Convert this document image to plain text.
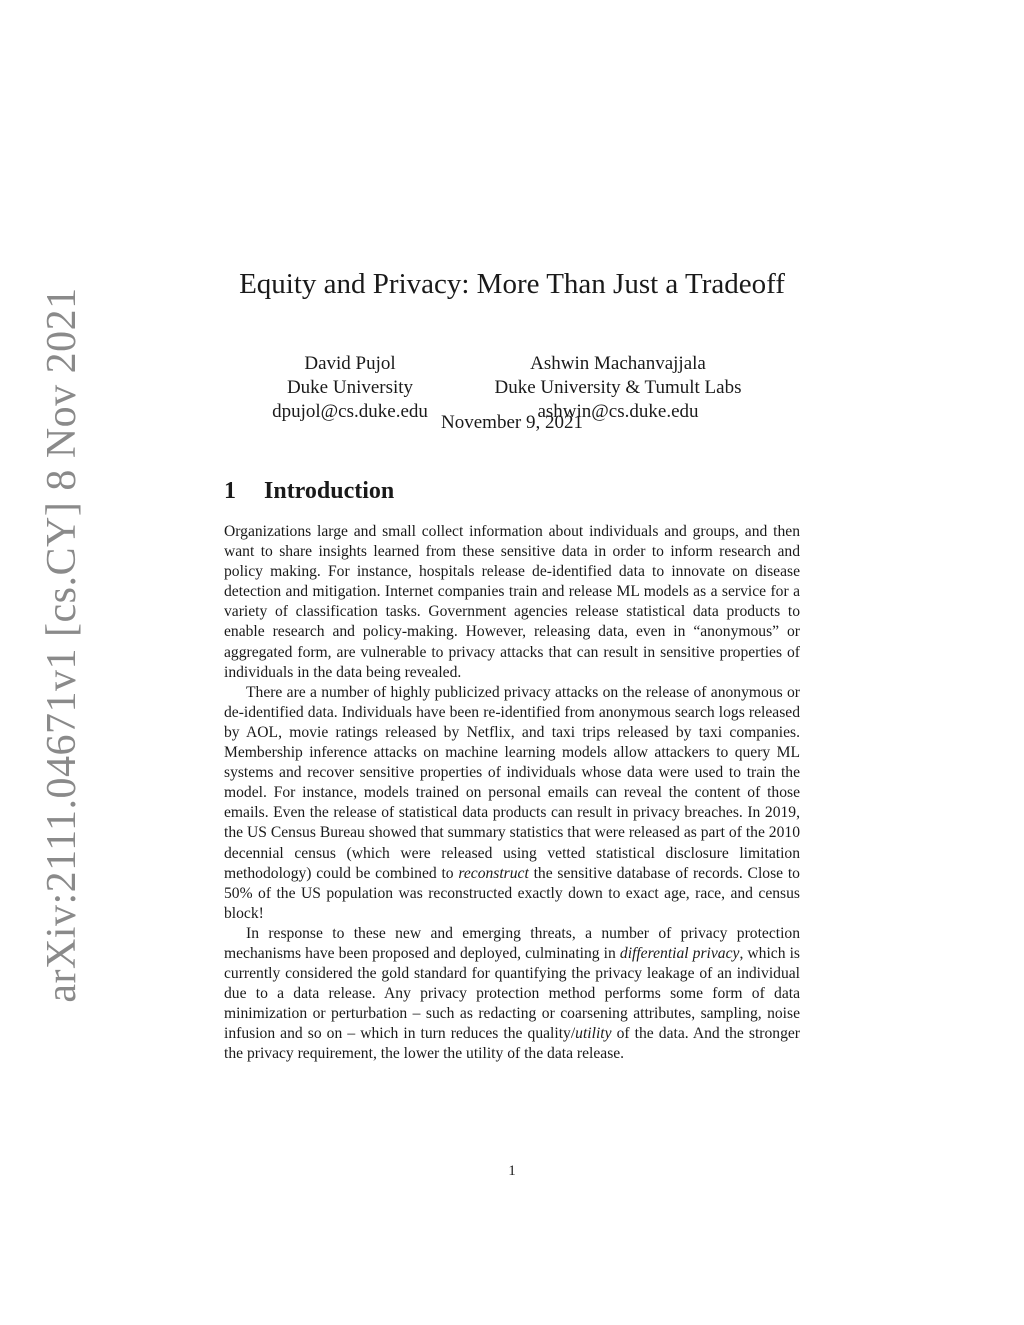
arXiv:2111.04671v1 [cs.CY] 8 Nov 2021
Equity and Privacy: More Than Just a Tradeoff
David Pujol
Duke University
dpujol@cs.duke.edu
Ashwin Machanvajjala
Duke University & Tumult Labs
ashwin@cs.duke.edu
November 9, 2021
1 Introduction

Organizations large and small collect information about individuals and groups, and then want to share insights learned from these sensitive data in order to inform research and policy making. For instance, hospitals release de-identified data to innovate on disease detection and mitigation. Internet companies train and release ML models as a service for a variety of classification tasks. Government agencies release statistical data products to enable research and policy-making. However, releasing data, even in “anonymous” or aggregated form, are vulnerable to privacy attacks that can result in sensitive properties of individuals in the data being revealed.

There are a number of highly publicized privacy attacks on the release of anonymous or de-identified data. Individuals have been re-identified from anonymous search logs released by AOL, movie ratings released by Netflix, and taxi trips released by taxi companies. Membership inference attacks on machine learning models allow attackers to query ML systems and recover sensitive properties of individuals whose data were used to train the model. For instance, models trained on personal emails can reveal the content of those emails. Even the release of statistical data products can result in privacy breaches. In 2019, the US Census Bureau showed that summary statistics that were released as part of the 2010 decennial census (which were released using vetted statistical disclosure limitation methodology) could be combined to reconstruct the sensitive database of records. Close to 50% of the US population was reconstructed exactly down to exact age, race, and census block!

In response to these new and emerging threats, a number of privacy protection mechanisms have been proposed and deployed, culminating in differential privacy, which is currently considered the gold standard for quantifying the privacy leakage of an individual due to a data release. Any privacy protection method performs some form of data minimization or perturbation – such as redacting or coarsening attributes, sampling, noise infusion and so on – which in turn reduces the quality/utility of the data. And the stronger the privacy requirement, the lower the utility of the data release.

1
